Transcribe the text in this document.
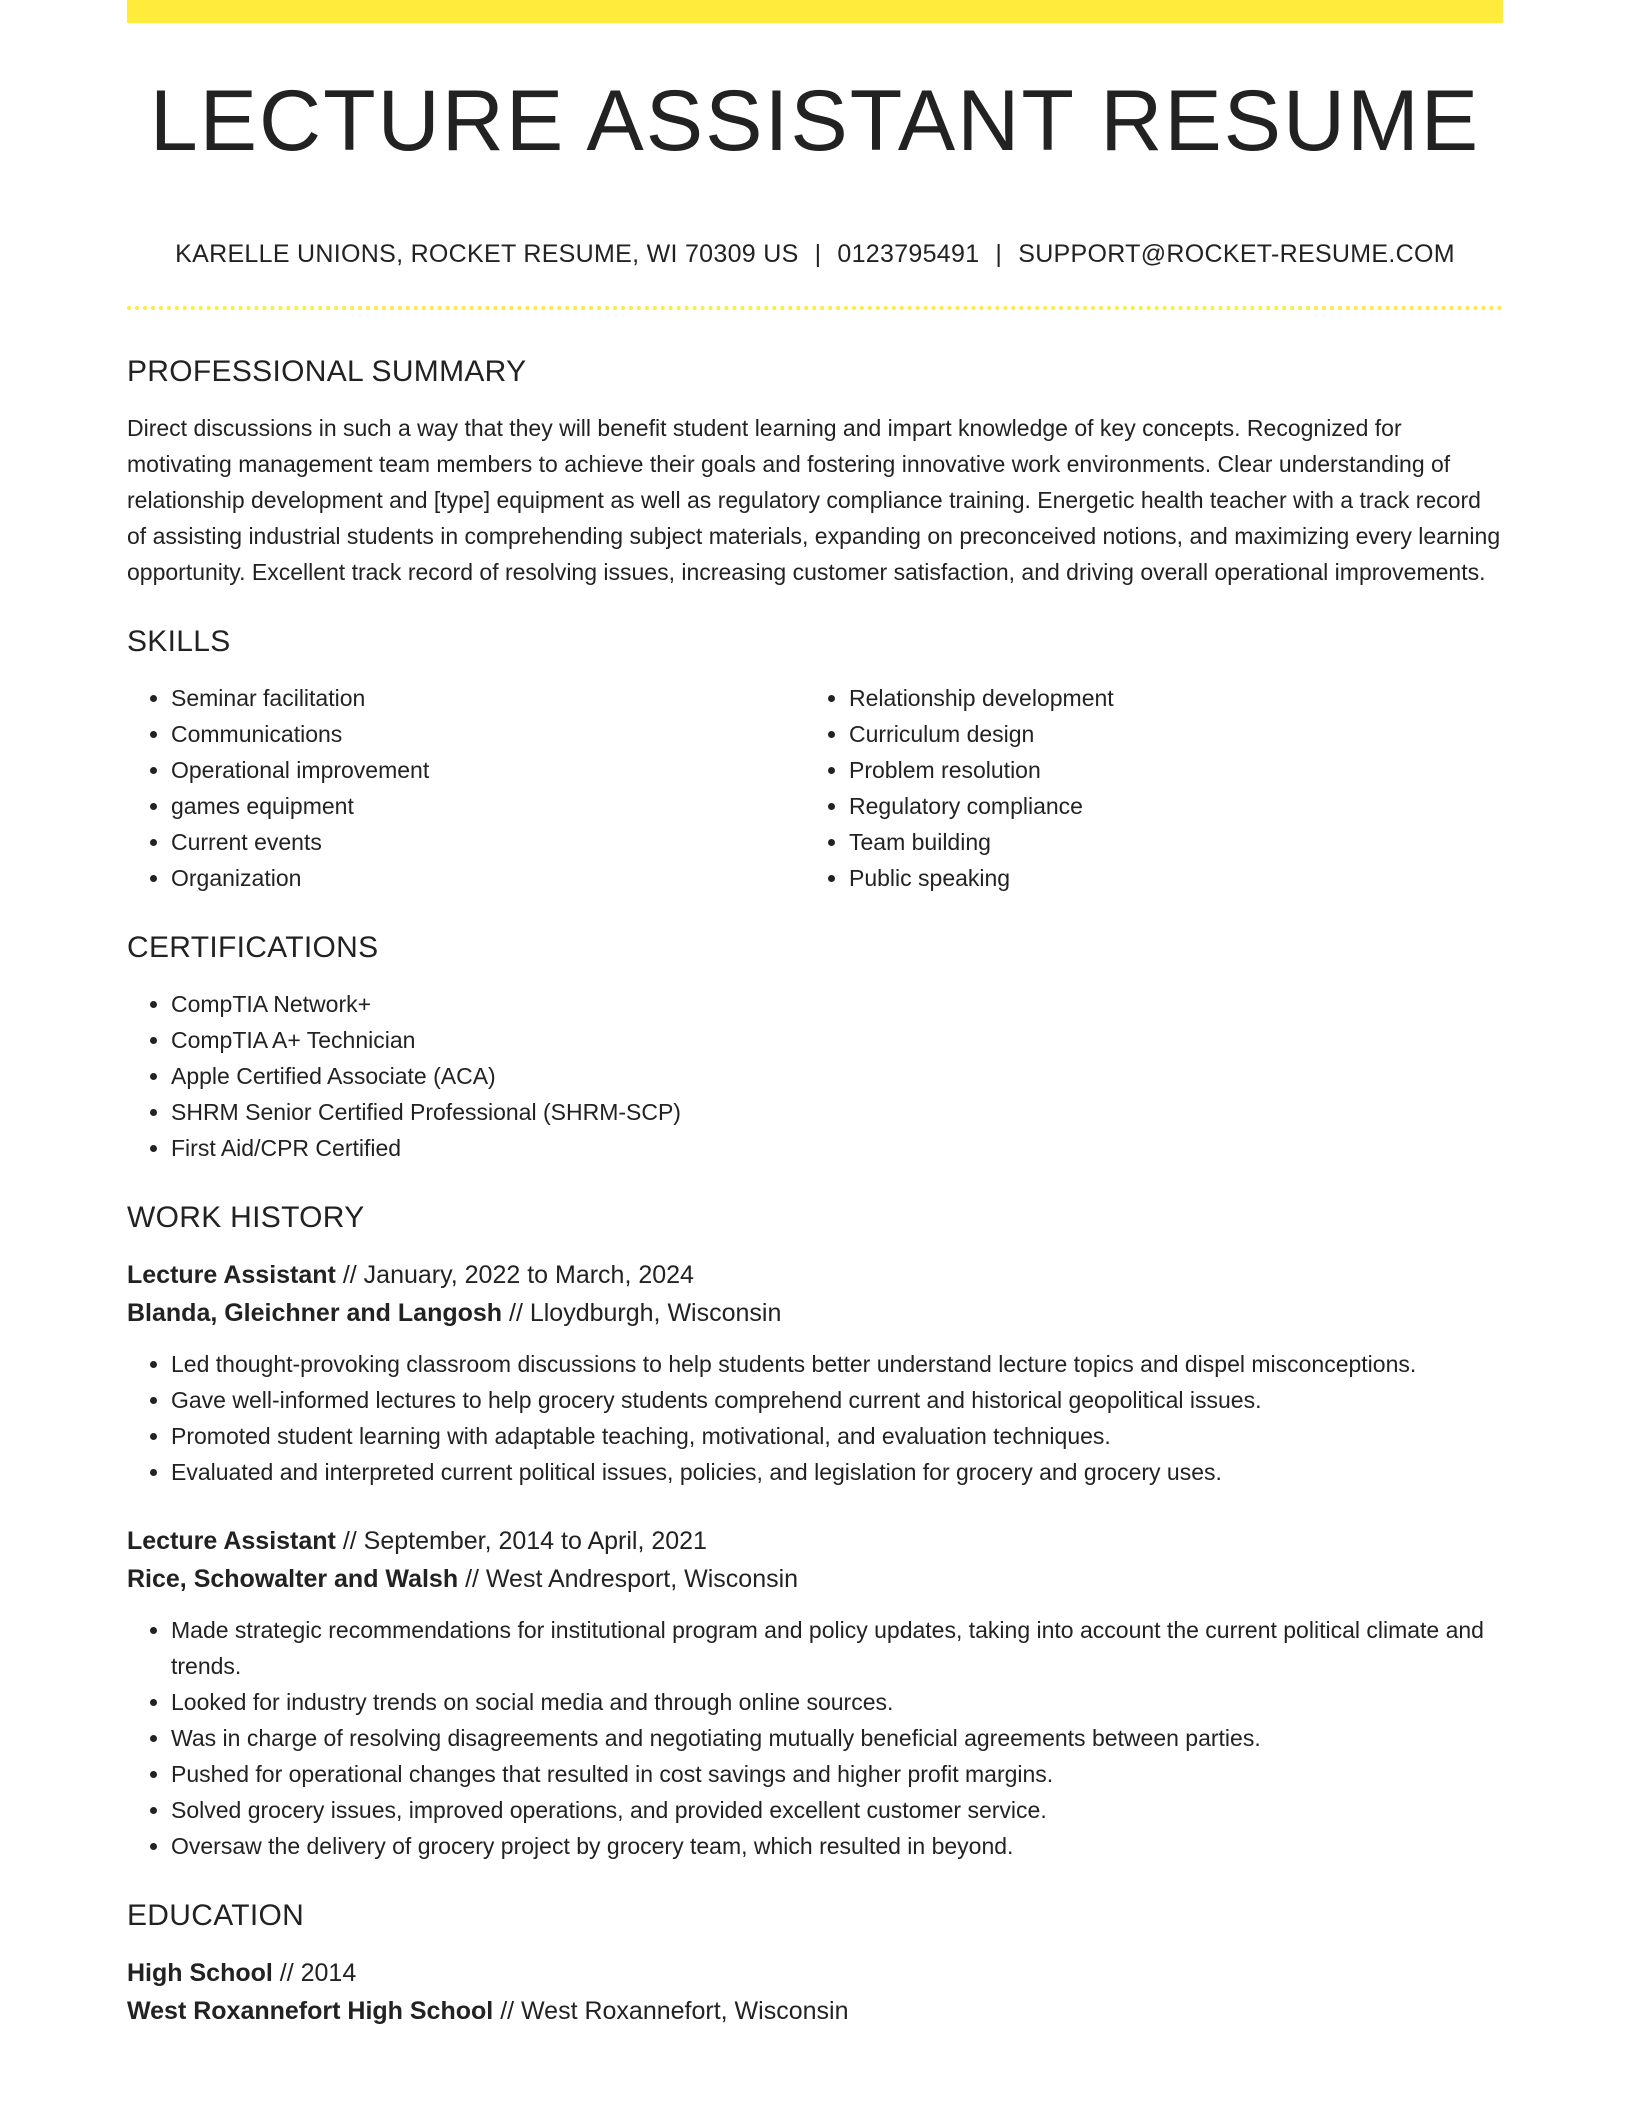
LECTURE ASSISTANT RESUME
KARELLE UNIONS, ROCKET RESUME, WI 70309 US | 0123795491 | SUPPORT@ROCKET-RESUME.COM
PROFESSIONAL SUMMARY

Direct discussions in such a way that they will benefit student learning and impart knowledge of key concepts. Recognized for motivating management team members to achieve their goals and fostering innovative work environments. Clear understanding of relationship development and [type] equipment as well as regulatory compliance training. Energetic health teacher with a track record of assisting industrial students in comprehending subject materials, expanding on preconceived notions, and maximizing every learning opportunity. Excellent track record of resolving issues, increasing customer satisfaction, and driving overall operational improvements.

SKILLS
• Seminar facilitation
• Communications
• Operational improvement
• games equipment
• Current events
• Organization
• Relationship development
• Curriculum design
• Problem resolution
• Regulatory compliance
• Team building
• Public speaking
CERTIFICATIONS
• CompTIA Network+
• CompTIA A+ Technician
• Apple Certified Associate (ACA)
• SHRM Senior Certified Professional (SHRM-SCP)
• First Aid/CPR Certified
WORK HISTORY
Lecture Assistant // January, 2022 to March, 2024
Blanda, Gleichner and Langosh // Lloydburgh, Wisconsin
• Led thought-provoking classroom discussions to help students better understand lecture topics and dispel misconceptions.
• Gave well-informed lectures to help grocery students comprehend current and historical geopolitical issues.
• Promoted student learning with adaptable teaching, motivational, and evaluation techniques.
• Evaluated and interpreted current political issues, policies, and legislation for grocery and grocery uses.
Lecture Assistant // September, 2014 to April, 2021
Rice, Schowalter and Walsh // West Andresport, Wisconsin
• Made strategic recommendations for institutional program and policy updates, taking into account the current political climate and trends.
• Looked for industry trends on social media and through online sources.
• Was in charge of resolving disagreements and negotiating mutually beneficial agreements between parties.
• Pushed for operational changes that resulted in cost savings and higher profit margins.
• Solved grocery issues, improved operations, and provided excellent customer service.
• Oversaw the delivery of grocery project by grocery team, which resulted in beyond.
EDUCATION
High School // 2014
West Roxannefort High School // West Roxannefort, Wisconsin
